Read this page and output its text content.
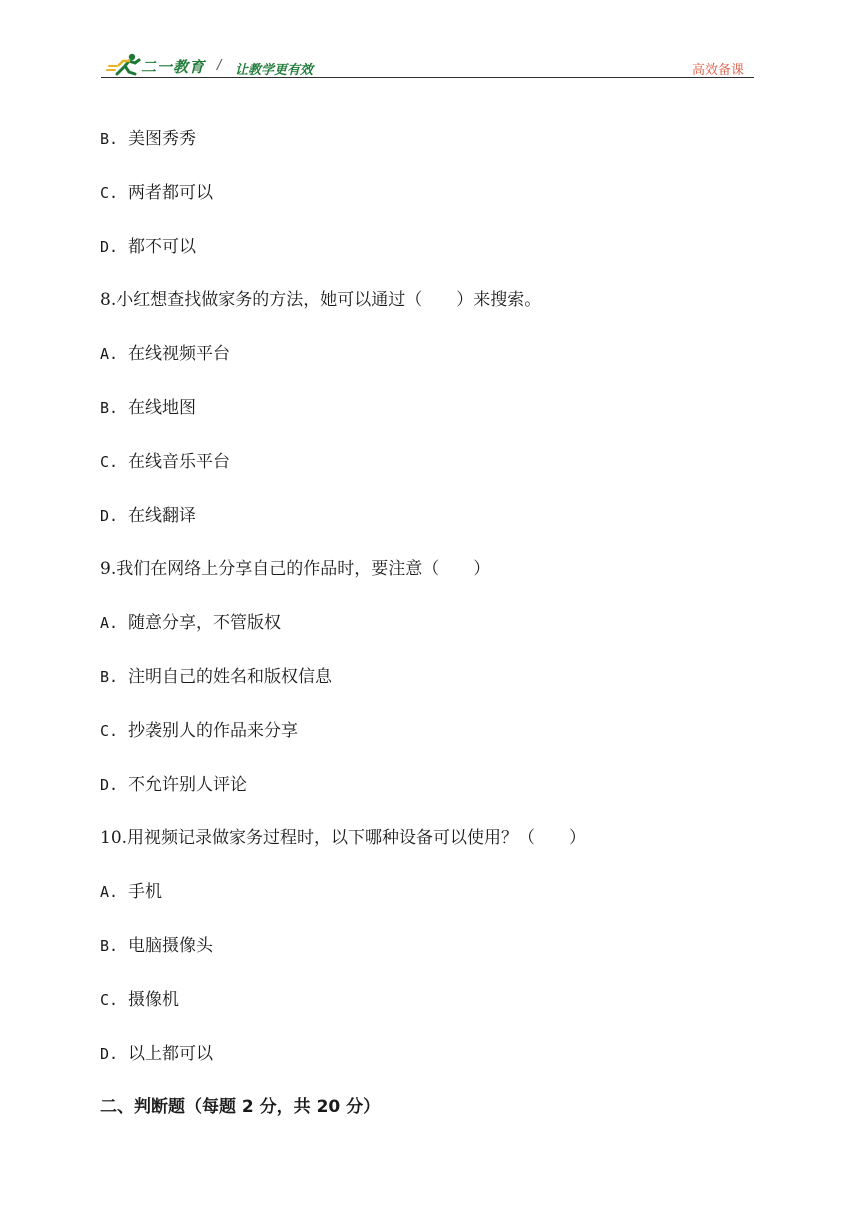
二一教育 / 让教学更有效	高效备课
B. 美图秀秀
C. 两者都可以
D. 都不可以
8.小红想查找做家务的方法，她可以通过（　　）来搜索。
A. 在线视频平台
B. 在线地图
C. 在线音乐平台
D. 在线翻译
9.我们在网络上分享自己的作品时，要注意（　　）
A. 随意分享，不管版权
B. 注明自己的姓名和版权信息
C. 抄袭别人的作品来分享
D. 不允许别人评论
10.用视频记录做家务过程时，以下哪种设备可以使用？（　　）
A. 手机
B. 电脑摄像头
C. 摄像机
D. 以上都可以
二、判断题（每题 2 分，共 20 分）
